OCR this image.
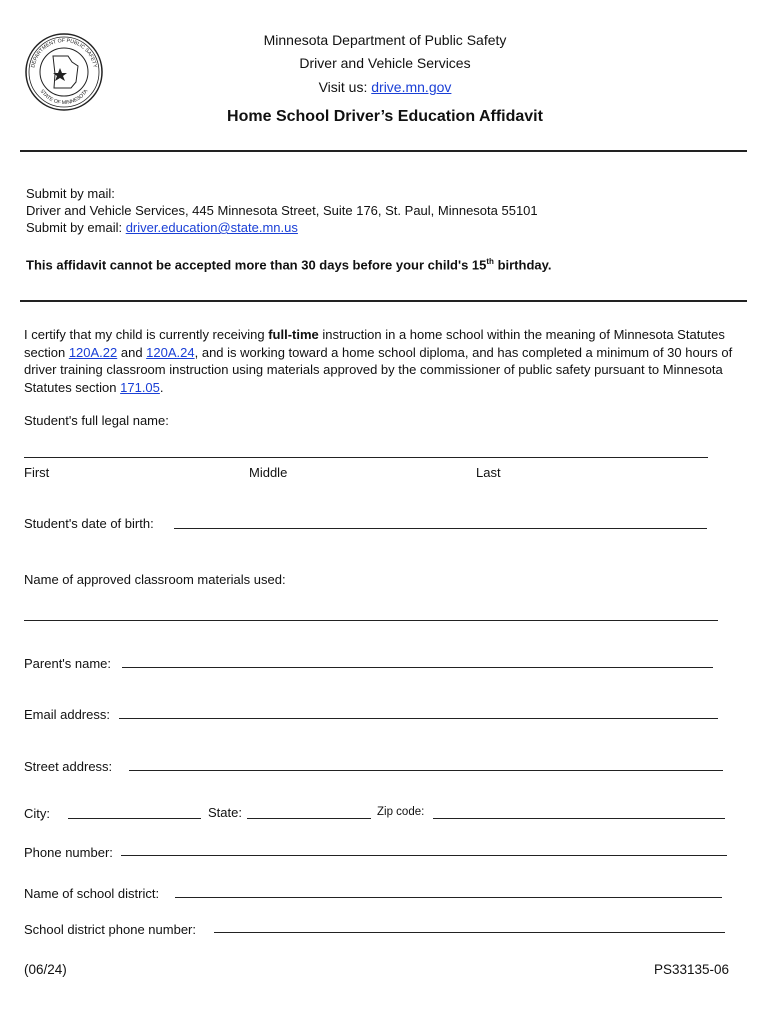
DEPARTMENT OF PUBLIC SAFETY
STATE OF MINNESOTA
Minnesota Department of Public Safety
Driver and Vehicle Services
Visit us: drive.mn.gov
Home School Driver’s Education Affidavit
Submit by mail:
Driver and Vehicle Services, 445 Minnesota Street, Suite 176, St. Paul, Minnesota 55101
Submit by email: driver.education@state.mn.us
This affidavit cannot be accepted more than 30 days before your child's 15th birthday.
I certify that my child is currently receiving full-time instruction in a home school within the meaning of Minnesota Statutes section 120A.22 and 120A.24, and is working toward a home school diploma, and has completed a minimum of 30 hours of driver training classroom instruction using materials approved by the commissioner of public safety pursuant to Minnesota Statutes section 171.05.
Student's full legal name:
First	Middle	Last
Student's date of birth:
Name of approved classroom materials used:
Parent's name:
Email address:
Street address:
City:	State:	Zip code:
Phone number:
Name of school district:
School district phone number:
(06/24)	PS33135-06
